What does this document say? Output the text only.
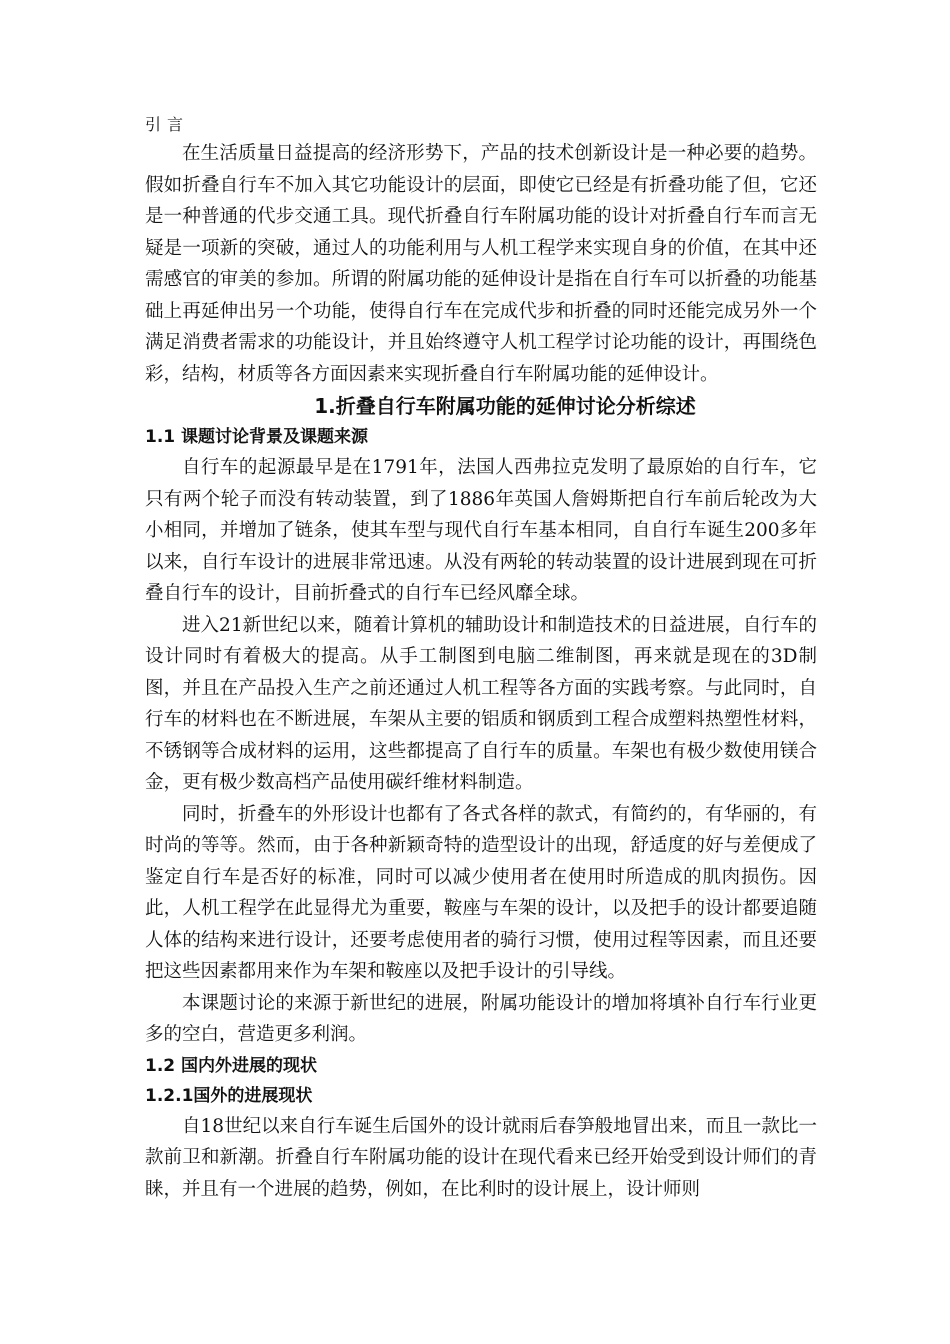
引言

在生活质量日益提高的经济形势下，产品的技术创新设计是一种必要的趋势。假如折叠自行车不加入其它功能设计的层面，即使它已经是有折叠功能了但，它还是一种普通的代步交通工具。现代折叠自行车附属功能的设计对折叠自行车而言无疑是一项新的突破，通过人的功能利用与人机工程学来实现自身的价值，在其中还需感官的审美的参加。所谓的附属功能的延伸设计是指在自行车可以折叠的功能基础上再延伸出另一个功能，使得自行车在完成代步和折叠的同时还能完成另外一个满足消费者需求的功能设计，并且始终遵守人机工程学讨论功能的设计，再围绕色彩，结构，材质等各方面因素来实现折叠自行车附属功能的延伸设计。

1.折叠自行车附属功能的延伸讨论分析综述
1.1 课题讨论背景及课题来源

自行车的起源最早是在1791年，法国人西弗拉克发明了最原始的自行车，它只有两个轮子而没有转动装置，到了1886年英国人詹姆斯把自行车前后轮改为大小相同，并增加了链条，使其车型与现代自行车基本相同，自自行车诞生200多年以来，自行车设计的进展非常迅速。从没有两轮的转动装置的设计进展到现在可折叠自行车的设计，目前折叠式的自行车已经风靡全球。

进入21新世纪以来，随着计算机的辅助设计和制造技术的日益进展，自行车的设计同时有着极大的提高。从手工制图到电脑二维制图，再来就是现在的3D制图，并且在产品投入生产之前还通过人机工程等各方面的实践考察。与此同时，自行车的材料也在不断进展，车架从主要的铝质和钢质到工程合成塑料热塑性材料，不锈钢等合成材料的运用，这些都提高了自行车的质量。车架也有极少数使用镁合金，更有极少数高档产品使用碳纤维材料制造。

同时，折叠车的外形设计也都有了各式各样的款式，有简约的，有华丽的，有时尚的等等。然而，由于各种新颖奇特的造型设计的出现，舒适度的好与差便成了鉴定自行车是否好的标准，同时可以减少使用者在使用时所造成的肌肉损伤。因此，人机工程学在此显得尤为重要，鞍座与车架的设计，以及把手的设计都要追随人体的结构来进行设计，还要考虑使用者的骑行习惯，使用过程等因素，而且还要把这些因素都用来作为车架和鞍座以及把手设计的引导线。

本课题讨论的来源于新世纪的进展，附属功能设计的增加将填补自行车行业更多的空白，营造更多利润。

1.2 国内外进展的现状
1.2.1国外的进展现状

自18世纪以来自行车诞生后国外的设计就雨后春笋般地冒出来，而且一款比一款前卫和新潮。折叠自行车附属功能的设计在现代看来已经开始受到设计师们的青睐，并且有一个进展的趋势，例如，在比利时的设计展上，设计师则
